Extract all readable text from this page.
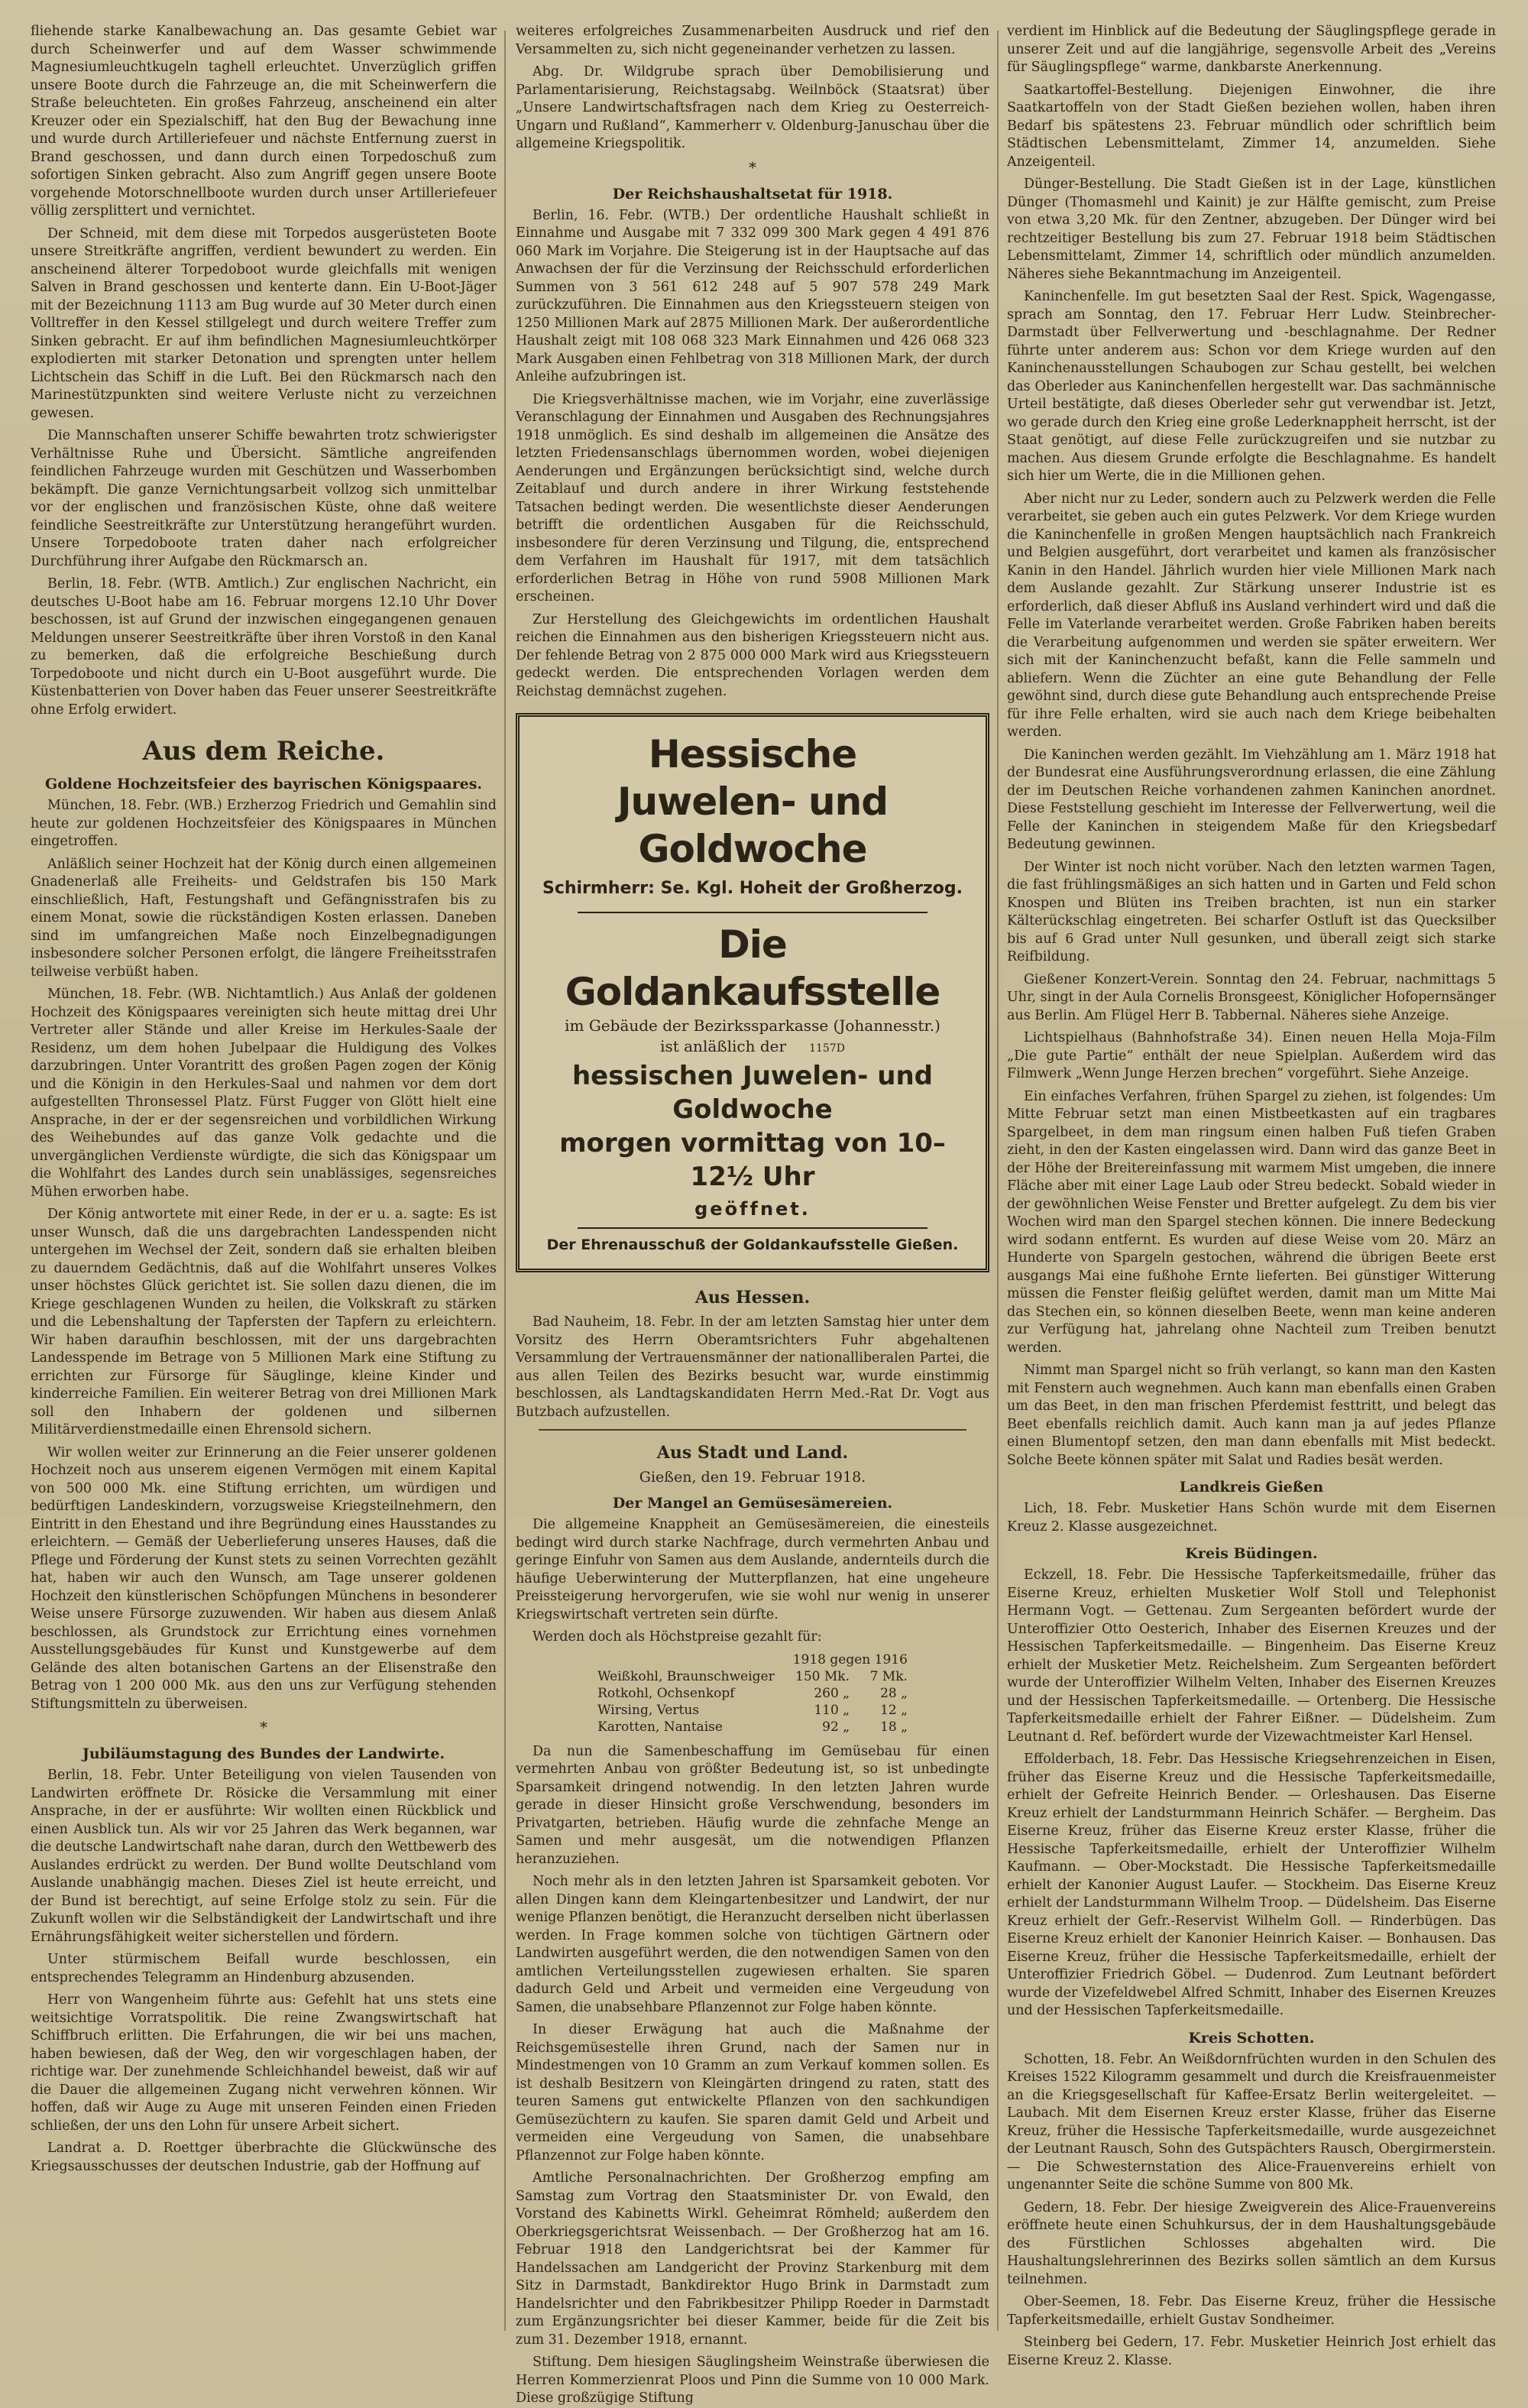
fliehende starke Kanalbewachung an. Das gesamte Gebiet war durch Scheinwerfer und auf dem Wasser schwimmende Magnesiumleuchtkugeln taghell erleuchtet. Unverzüglich griffen unsere Boote durch die Fahrzeuge an, die mit Scheinwerfern die Straße beleuchteten. Ein großes Fahrzeug, anscheinend ein alter Kreuzer oder ein Spezialschiff, hat den Bug der Bewachung inne und wurde durch Artilleriefeuer und nächste Entfernung zuerst in Brand geschossen, und dann durch einen Torpedoschuß zum sofortigen Sinken gebracht. Also zum Angriff gegen unsere Boote vorgehende Motorschnellboote wurden durch unser Artilleriefeuer völlig zersplittert und vernichtet.

Der Schneid, mit dem diese mit Torpedos ausgerüsteten Boote unsere Streitkräfte angriffen, verdient bewundert zu werden. Ein anscheinend älterer Torpedoboot wurde gleichfalls mit wenigen Salven in Brand geschossen und kenterte dann. Ein U-Boot-Jäger mit der Bezeichnung 1113 am Bug wurde auf 30 Meter durch einen Volltreffer in den Kessel stillgelegt und durch weitere Treffer zum Sinken gebracht. Er auf ihm befindlichen Magnesiumleuchtkörper explodierten mit starker Detonation und sprengten unter hellem Lichtschein das Schiff in die Luft. Bei den Rückmarsch nach den Marinestützpunkten sind weitere Verluste nicht zu verzeichnen gewesen.

Die Mannschaften unserer Schiffe bewahrten trotz schwierigster Verhältnisse Ruhe und Übersicht. Sämtliche angreifenden feindlichen Fahrzeuge wurden mit Geschützen und Wasserbomben bekämpft. Die ganze Vernichtungsarbeit vollzog sich unmittelbar vor der englischen und französischen Küste, ohne daß weitere feindliche Seestreitkräfte zur Unterstützung herangeführt wurden. Unsere Torpedoboote traten daher nach erfolgreicher Durchführung ihrer Aufgabe den Rückmarsch an.

Berlin, 18. Febr. (WTB. Amtlich.) Zur englischen Nachricht, ein deutsches U-Boot habe am 16. Februar morgens 12.10 Uhr Dover beschossen, ist auf Grund der inzwischen eingegangenen genauen Meldungen unserer Seestreitkräfte über ihren Vorstoß in den Kanal zu bemerken, daß die erfolgreiche Beschießung durch Torpedoboote und nicht durch ein U-Boot ausgeführt wurde. Die Küstenbatterien von Dover haben das Feuer unserer Seestreitkräfte ohne Erfolg erwidert.

Aus dem Reiche.
Goldene Hochzeitsfeier des bayrischen Königspaares.

München, 18. Febr. (WB.) Erzherzog Friedrich und Gemahlin sind heute zur goldenen Hochzeitsfeier des Königspaares in München eingetroffen.

Anläßlich seiner Hochzeit hat der König durch einen allgemeinen Gnadenerlaß alle Freiheits- und Geldstrafen bis 150 Mark einschließlich, Haft, Festungshaft und Gefängnisstrafen bis zu einem Monat, sowie die rückständigen Kosten erlassen. Daneben sind im umfangreichen Maße noch Einzelbegnadigungen insbesondere solcher Personen erfolgt, die längere Freiheitsstrafen teilweise verbüßt haben.

München, 18. Febr. (WB. Nichtamtlich.) Aus Anlaß der goldenen Hochzeit des Königspaares vereinigten sich heute mittag drei Uhr Vertreter aller Stände und aller Kreise im Herkules-Saale der Residenz, um dem hohen Jubelpaar die Huldigung des Volkes darzubringen. Unter Vorantritt des großen Pagen zogen der König und die Königin in den Herkules-Saal und nahmen vor dem dort aufgestellten Thronsessel Platz. Fürst Fugger von Glött hielt eine Ansprache, in der er der segensreichen und vorbildlichen Wirkung des Weihebundes auf das ganze Volk gedachte und die unvergänglichen Verdienste würdigte, die sich das Königspaar um die Wohlfahrt des Landes durch sein unablässiges, segensreiches Mühen erworben habe.

Der König antwortete mit einer Rede, in der er u. a. sagte: Es ist unser Wunsch, daß die uns dargebrachten Landesspenden nicht untergehen im Wechsel der Zeit, sondern daß sie erhalten bleiben zu dauerndem Gedächtnis, daß auf die Wohlfahrt unseres Volkes unser höchstes Glück gerichtet ist. Sie sollen dazu dienen, die im Kriege geschlagenen Wunden zu heilen, die Volkskraft zu stärken und die Lebenshaltung der Tapfersten der Tapfern zu erleichtern. Wir haben daraufhin beschlossen, mit der uns dargebrachten Landesspende im Betrage von 5 Millionen Mark eine Stiftung zu errichten zur Fürsorge für Säuglinge, kleine Kinder und kinderreiche Familien. Ein weiterer Betrag von drei Millionen Mark soll den Inhabern der goldenen und silbernen Militärverdienstmedaille einen Ehrensold sichern.

Wir wollen weiter zur Erinnerung an die Feier unserer goldenen Hochzeit noch aus unserem eigenen Vermögen mit einem Kapital von 500 000 Mk. eine Stiftung errichten, um würdigen und bedürftigen Landeskindern, vorzugsweise Kriegsteilnehmern, den Eintritt in den Ehestand und ihre Begründung eines Hausstandes zu erleichtern. — Gemäß der Ueberlieferung unseres Hauses, daß die Pflege und Förderung der Kunst stets zu seinen Vorrechten gezählt hat, haben wir auch den Wunsch, am Tage unserer goldenen Hochzeit den künstlerischen Schöpfungen Münchens in besonderer Weise unsere Fürsorge zuzuwenden. Wir haben aus diesem Anlaß beschlossen, als Grundstock zur Errichtung eines vornehmen Ausstellungsgebäudes für Kunst und Kunstgewerbe auf dem Gelände des alten botanischen Gartens an der Elisenstraße den Betrag von 1 200 000 Mk. aus den uns zur Verfügung stehenden Stiftungsmitteln zu überweisen.

*
Jubiläumstagung des Bundes der Landwirte.

Berlin, 18. Febr. Unter Beteiligung von vielen Tausenden von Landwirten eröffnete Dr. Rösicke die Versammlung mit einer Ansprache, in der er ausführte: Wir wollten einen Rückblick und einen Ausblick tun. Als wir vor 25 Jahren das Werk begannen, war die deutsche Landwirtschaft nahe daran, durch den Wettbewerb des Auslandes erdrückt zu werden. Der Bund wollte Deutschland vom Auslande unabhängig machen. Dieses Ziel ist heute erreicht, und der Bund ist berechtigt, auf seine Erfolge stolz zu sein. Für die Zukunft wollen wir die Selbständigkeit der Landwirtschaft und ihre Ernährungsfähigkeit weiter sicherstellen und fördern.

Unter stürmischem Beifall wurde beschlossen, ein entsprechendes Telegramm an Hindenburg abzusenden.

Herr von Wangenheim führte aus: Gefehlt hat uns stets eine weitsichtige Vorratspolitik. Die reine Zwangswirtschaft hat Schiffbruch erlitten. Die Erfahrungen, die wir bei uns machen, haben bewiesen, daß der Weg, den wir vorgeschlagen haben, der richtige war. Der zunehmende Schleichhandel beweist, daß wir auf die Dauer die allgemeinen Zugang nicht verwehren können. Wir hoffen, daß wir Auge zu Auge mit unseren Feinden einen Frieden schließen, der uns den Lohn für unsere Arbeit sichert.

Landrat a. D. Roettger überbrachte die Glückwünsche des Kriegsausschusses der deutschen Industrie, gab der Hoffnung auf

weiteres erfolgreiches Zusammenarbeiten Ausdruck und rief den Versammelten zu, sich nicht gegeneinander verhetzen zu lassen.

Abg. Dr. Wildgrube sprach über Demobilisierung und Parlamentarisierung, Reichstagsabg. Weilnböck (Staatsrat) über „Unsere Landwirtschaftsfragen nach dem Krieg zu Oesterreich-Ungarn und Rußland“, Kammerherr v. Oldenburg-Januschau über die allgemeine Kriegspolitik.

*
Der Reichshaushaltsetat für 1918.

Berlin, 16. Febr. (WTB.) Der ordentliche Haushalt schließt in Einnahme und Ausgabe mit 7 332 099 300 Mark gegen 4 491 876 060 Mark im Vorjahre. Die Steigerung ist in der Hauptsache auf das Anwachsen der für die Verzinsung der Reichsschuld erforderlichen Summen von 3 561 612 248 auf 5 907 578 249 Mark zurückzuführen. Die Einnahmen aus den Kriegssteuern steigen von 1250 Millionen Mark auf 2875 Millionen Mark. Der außerordentliche Haushalt zeigt mit 108 068 323 Mark Einnahmen und 426 068 323 Mark Ausgaben einen Fehlbetrag von 318 Millionen Mark, der durch Anleihe aufzubringen ist.

Die Kriegsverhältnisse machen, wie im Vorjahr, eine zuverlässige Veranschlagung der Einnahmen und Ausgaben des Rechnungsjahres 1918 unmöglich. Es sind deshalb im allgemeinen die Ansätze des letzten Friedensanschlags übernommen worden, wobei diejenigen Aenderungen und Ergänzungen berücksichtigt sind, welche durch Zeitablauf und durch andere in ihrer Wirkung feststehende Tatsachen bedingt werden. Die wesentlichste dieser Aenderungen betrifft die ordentlichen Ausgaben für die Reichsschuld, insbesondere für deren Verzinsung und Tilgung, die, entsprechend dem Verfahren im Haushalt für 1917, mit dem tatsächlich erforderlichen Betrag in Höhe von rund 5908 Millionen Mark erscheinen.

Zur Herstellung des Gleichgewichts im ordentlichen Haushalt reichen die Einnahmen aus den bisherigen Kriegssteuern nicht aus. Der fehlende Betrag von 2 875 000 000 Mark wird aus Kriegssteuern gedeckt werden. Die entsprechenden Vorlagen werden dem Reichstag demnächst zugehen.

Hessische
Juwelen- und Goldwoche
Schirmherr: Se. Kgl. Hoheit der Großherzog.
Die Goldankaufsstelle
im Gebäude der Bezirkssparkasse (Johannesstr.)
ist anläßlich der 1157D
hessischen Juwelen- und Goldwoche
morgen vormittag von 10–12½ Uhr
geöffnet.
Der Ehrenausschuß der Goldankaufsstelle Gießen.
Aus Hessen.

Bad Nauheim, 18. Febr. In der am letzten Samstag hier unter dem Vorsitz des Herrn Oberamtsrichters Fuhr abgehaltenen Versammlung der Vertrauensmänner der nationalliberalen Partei, die aus allen Teilen des Bezirks besucht war, wurde einstimmig beschlossen, als Landtagskandidaten Herrn Med.-Rat Dr. Vogt aus Butzbach aufzustellen.

Aus Stadt und Land.
Gießen, den 19. Februar 1918.
Der Mangel an Gemüsesämereien.

Die allgemeine Knappheit an Gemüsesämereien, die einesteils bedingt wird durch starke Nachfrage, durch vermehrten Anbau und geringe Einfuhr von Samen aus dem Auslande, andernteils durch die häufige Ueberwinterung der Mutterpflanzen, hat eine ungeheure Preissteigerung hervorgerufen, wie sie wohl nur wenig in unserer Kriegswirtschaft vertreten sein dürfte.

Werden doch als Höchstpreise gezahlt für:

	1918 gegen 1916	
Weißkohl, Braunschweiger	150 Mk.	7 Mk.
Rotkohl, Ochsenkopf	260 „	28 „
Wirsing, Vertus	110 „	12 „
Karotten, Nantaise	92 „	18 „

Da nun die Samenbeschaffung im Gemüsebau für einen vermehrten Anbau von größter Bedeutung ist, so ist unbedingte Sparsamkeit dringend notwendig. In den letzten Jahren wurde gerade in dieser Hinsicht große Verschwendung, besonders im Privatgarten, betrieben. Häufig wurde die zehnfache Menge an Samen und mehr ausgesät, um die notwendigen Pflanzen heranzuziehen.

Noch mehr als in den letzten Jahren ist Sparsamkeit geboten. Vor allen Dingen kann dem Kleingartenbesitzer und Landwirt, der nur wenige Pflanzen benötigt, die Heranzucht derselben nicht überlassen werden. In Frage kommen solche von tüchtigen Gärtnern oder Landwirten ausgeführt werden, die den notwendigen Samen von den amtlichen Verteilungsstellen zugewiesen erhalten. Sie sparen dadurch Geld und Arbeit und vermeiden eine Vergeudung von Samen, die unabsehbare Pflanzennot zur Folge haben könnte.

In dieser Erwägung hat auch die Maßnahme der Reichsgemüsestelle ihren Grund, nach der Samen nur in Mindestmengen von 10 Gramm an zum Verkauf kommen sollen. Es ist deshalb Besitzern von Kleingärten dringend zu raten, statt des teuren Samens gut entwickelte Pflanzen von den sachkundigen Gemüsezüchtern zu kaufen. Sie sparen damit Geld und Arbeit und vermeiden eine Vergeudung von Samen, die unabsehbare Pflanzennot zur Folge haben könnte.

Amtliche Personalnachrichten. Der Großherzog empfing am Samstag zum Vortrag den Staatsminister Dr. von Ewald, den Vorstand des Kabinetts Wirkl. Geheimrat Römheld; außerdem den Oberkriegsgerichtsrat Weissenbach. — Der Großherzog hat am 16. Februar 1918 den Landgerichtsrat bei der Kammer für Handelssachen am Landgericht der Provinz Starkenburg mit dem Sitz in Darmstadt, Bankdirektor Hugo Brink in Darmstadt zum Handelsrichter und den Fabrikbesitzer Philipp Roeder in Darmstadt zum Ergänzungsrichter bei dieser Kammer, beide für die Zeit bis zum 31. Dezember 1918, ernannt.

Stiftung. Dem hiesigen Säuglingsheim Weinstraße überwiesen die Herren Kommerzienrat Ploos und Pinn die Summe von 10 000 Mark. Diese großzügige Stiftung

verdient im Hinblick auf die Bedeutung der Säuglingspflege gerade in unserer Zeit und auf die langjährige, segensvolle Arbeit des „Vereins für Säuglingspflege“ warme, dankbarste Anerkennung.

Saatkartoffel-Bestellung. Diejenigen Einwohner, die ihre Saatkartoffeln von der Stadt Gießen beziehen wollen, haben ihren Bedarf bis spätestens 23. Februar mündlich oder schriftlich beim Städtischen Lebensmittelamt, Zimmer 14, anzumelden. Siehe Anzeigenteil.

Dünger-Bestellung. Die Stadt Gießen ist in der Lage, künstlichen Dünger (Thomasmehl und Kainit) je zur Hälfte gemischt, zum Preise von etwa 3,20 Mk. für den Zentner, abzugeben. Der Dünger wird bei rechtzeitiger Bestellung bis zum 27. Februar 1918 beim Städtischen Lebensmittelamt, Zimmer 14, schriftlich oder mündlich anzumelden. Näheres siehe Bekanntmachung im Anzeigenteil.

Kaninchenfelle. Im gut besetzten Saal der Rest. Spick, Wagengasse, sprach am Sonntag, den 17. Februar Herr Ludw. Steinbrecher-Darmstadt über Fellverwertung und -beschlagnahme. Der Redner führte unter anderem aus: Schon vor dem Kriege wurden auf den Kaninchenausstellungen Schaubogen zur Schau gestellt, bei welchen das Oberleder aus Kaninchenfellen hergestellt war. Das sachmännische Urteil bestätigte, daß dieses Oberleder sehr gut verwendbar ist. Jetzt, wo gerade durch den Krieg eine große Lederknappheit herrscht, ist der Staat genötigt, auf diese Felle zurückzugreifen und sie nutzbar zu machen. Aus diesem Grunde erfolgte die Beschlagnahme. Es handelt sich hier um Werte, die in die Millionen gehen.

Aber nicht nur zu Leder, sondern auch zu Pelzwerk werden die Felle verarbeitet, sie geben auch ein gutes Pelzwerk. Vor dem Kriege wurden die Kaninchenfelle in großen Mengen hauptsächlich nach Frankreich und Belgien ausgeführt, dort verarbeitet und kamen als französischer Kanin in den Handel. Jährlich wurden hier viele Millionen Mark nach dem Auslande gezahlt. Zur Stärkung unserer Industrie ist es erforderlich, daß dieser Abfluß ins Ausland verhindert wird und daß die Felle im Vaterlande verarbeitet werden. Große Fabriken haben bereits die Verarbeitung aufgenommen und werden sie später erweitern. Wer sich mit der Kaninchenzucht befaßt, kann die Felle sammeln und abliefern. Wenn die Züchter an eine gute Behandlung der Felle gewöhnt sind, durch diese gute Behandlung auch entsprechende Preise für ihre Felle erhalten, wird sie auch nach dem Kriege beibehalten werden.

Die Kaninchen werden gezählt. Im Viehzählung am 1. März 1918 hat der Bundesrat eine Ausführungsverordnung erlassen, die eine Zählung der im Deutschen Reiche vorhandenen zahmen Kaninchen anordnet. Diese Feststellung geschieht im Interesse der Fellverwertung, weil die Felle der Kaninchen in steigendem Maße für den Kriegsbedarf Bedeutung gewinnen.

Der Winter ist noch nicht vorüber. Nach den letzten warmen Tagen, die fast frühlingsmäßiges an sich hatten und in Garten und Feld schon Knospen und Blüten ins Treiben brachten, ist nun ein starker Kälterückschlag eingetreten. Bei scharfer Ostluft ist das Quecksilber bis auf 6 Grad unter Null gesunken, und überall zeigt sich starke Reifbildung.

Gießener Konzert-Verein. Sonntag den 24. Februar, nachmittags 5 Uhr, singt in der Aula Cornelis Bronsgeest, Königlicher Hofopernsänger aus Berlin. Am Flügel Herr B. Tabbernal. Näheres siehe Anzeige.

Lichtspielhaus (Bahnhofstraße 34). Einen neuen Hella Moja-Film „Die gute Partie“ enthält der neue Spielplan. Außerdem wird das Filmwerk „Wenn Junge Herzen brechen“ vorgeführt. Siehe Anzeige.

Ein einfaches Verfahren, frühen Spargel zu ziehen, ist folgendes: Um Mitte Februar setzt man einen Mistbeetkasten auf ein tragbares Spargelbeet, in dem man ringsum einen halben Fuß tiefen Graben zieht, in den der Kasten eingelassen wird. Dann wird das ganze Beet in der Höhe der Breitereinfassung mit warmem Mist umgeben, die innere Fläche aber mit einer Lage Laub oder Streu bedeckt. Sobald wieder in der gewöhnlichen Weise Fenster und Bretter aufgelegt. Zu dem bis vier Wochen wird man den Spargel stechen können. Die innere Bedeckung wird sodann entfernt. Es wurden auf diese Weise vom 20. März an Hunderte von Spargeln gestochen, während die übrigen Beete erst ausgangs Mai eine fußhohe Ernte lieferten. Bei günstiger Witterung müssen die Fenster fleißig gelüftet werden, damit man um Mitte Mai das Stechen ein, so können dieselben Beete, wenn man keine anderen zur Verfügung hat, jahrelang ohne Nachteil zum Treiben benutzt werden.

Nimmt man Spargel nicht so früh verlangt, so kann man den Kasten mit Fenstern auch wegnehmen. Auch kann man ebenfalls einen Graben um das Beet, in den man frischen Pferdemist festtritt, und belegt das Beet ebenfalls reichlich damit. Auch kann man ja auf jedes Pflanze einen Blumentopf setzen, den man dann ebenfalls mit Mist bedeckt. Solche Beete können später mit Salat und Radies besät werden.

Landkreis Gießen

Lich, 18. Febr. Musketier Hans Schön wurde mit dem Eisernen Kreuz 2. Klasse ausgezeichnet.

Kreis Büdingen.

Eckzell, 18. Febr. Die Hessische Tapferkeitsmedaille, früher das Eiserne Kreuz, erhielten Musketier Wolf Stoll und Telephonist Hermann Vogt. — Gettenau. Zum Sergeanten befördert wurde der Unteroffizier Otto Oesterich, Inhaber des Eisernen Kreuzes und der Hessischen Tapferkeitsmedaille. — Bingenheim. Das Eiserne Kreuz erhielt der Musketier Metz. Reichelsheim. Zum Sergeanten befördert wurde der Unteroffizier Wilhelm Velten, Inhaber des Eisernen Kreuzes und der Hessischen Tapferkeitsmedaille. — Ortenberg. Die Hessische Tapferkeitsmedaille erhielt der Fahrer Eißner. — Düdelsheim. Zum Leutnant d. Ref. befördert wurde der Vizewachtmeister Karl Hensel.

Effolderbach, 18. Febr. Das Hessische Kriegsehrenzeichen in Eisen, früher das Eiserne Kreuz und die Hessische Tapferkeitsmedaille, erhielt der Gefreite Heinrich Bender. — Orleshausen. Das Eiserne Kreuz erhielt der Landsturmmann Heinrich Schäfer. — Bergheim. Das Eiserne Kreuz, früher das Eiserne Kreuz erster Klasse, früher die Hessische Tapferkeitsmedaille, erhielt der Unteroffizier Wilhelm Kaufmann. — Ober-Mockstadt. Die Hessische Tapferkeitsmedaille erhielt der Kanonier August Laufer. — Stockheim. Das Eiserne Kreuz erhielt der Landsturmmann Wilhelm Troop. — Düdelsheim. Das Eiserne Kreuz erhielt der Gefr.-Reservist Wilhelm Goll. — Rinderbügen. Das Eiserne Kreuz erhielt der Kanonier Heinrich Kaiser. — Bonhausen. Das Eiserne Kreuz, früher die Hessische Tapferkeitsmedaille, erhielt der Unteroffizier Friedrich Göbel. — Dudenrod. Zum Leutnant befördert wurde der Vizefeldwebel Alfred Schmitt, Inhaber des Eisernen Kreuzes und der Hessischen Tapferkeitsmedaille.

Kreis Schotten.

Schotten, 18. Febr. An Weißdornfrüchten wurden in den Schulen des Kreises 1522 Kilogramm gesammelt und durch die Kreisfrauenmeister an die Kriegsgesellschaft für Kaffee-Ersatz Berlin weitergeleitet. — Laubach. Mit dem Eisernen Kreuz erster Klasse, früher das Eiserne Kreuz, früher die Hessische Tapferkeitsmedaille, wurde ausgezeichnet der Leutnant Rausch, Sohn des Gutspächters Rausch, Obergirmerstein. — Die Schwesternstation des Alice-Frauenvereins erhielt von ungenannter Seite die schöne Summe von 800 Mk.

Gedern, 18. Febr. Der hiesige Zweigverein des Alice-Frauenvereins eröffnete heute einen Schuhkursus, der in dem Haushaltungsgebäude des Fürstlichen Schlosses abgehalten wird. Die Haushaltungslehrerinnen des Bezirks sollen sämtlich an dem Kursus teilnehmen.

Ober-Seemen, 18. Febr. Das Eiserne Kreuz, früher die Hessische Tapferkeitsmedaille, erhielt Gustav Sondheimer.

Steinberg bei Gedern, 17. Febr. Musketier Heinrich Jost erhielt das Eiserne Kreuz 2. Klasse.
